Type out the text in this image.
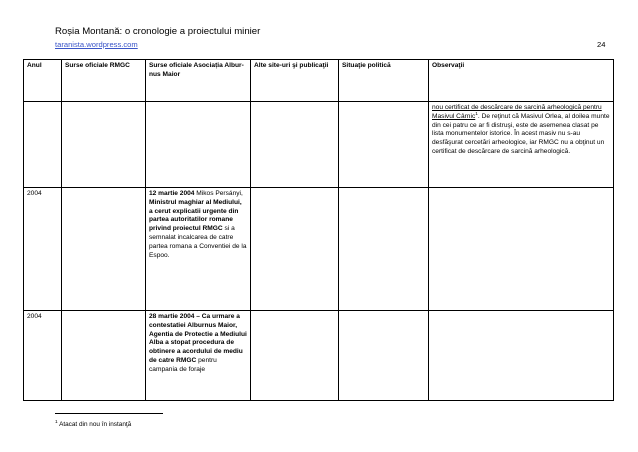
Roșia Montană: o cronologie a proiectului minier
taranista.wordpress.com	24
Anul	Surse oficiale RMGC	Surse oficiale Asociația Alburnus Maior	Alte site-uri şi publicaţii	Situaţie politică	Observaţii
					nou certificat de descărcare de sarcină arheologică pentru Masivul Cârnic$^1$. De reţinut că Masivul Orlea, al doilea munte din cei patru ce ar fi distruşi, este de asemenea clasat pe lista monumentelor istorice. În acest masiv nu s-au desfăşurat cercetări arheologice, iar RMGC nu a obţinut un certificat de descărcare de sarcină arheologică.
2004		12 martie 2004 Mikos Persányi, Ministrul maghiar al Mediului, a cerut explicatii urgente din partea autoritatilor romane privind proiectul RMGC si a semnalat incalcarea de catre partea romana a Conventiei de la Espoo.			
2004		28 martie 2004 – Ca urmare a contestatiei Alburnus Maior, Agentia de Protectie a Mediului Alba a stopat procedura de obtinere a acordului de mediu de catre RMGC pentru campania de foraje			
$^1$ Atacat din nou în instanţă
